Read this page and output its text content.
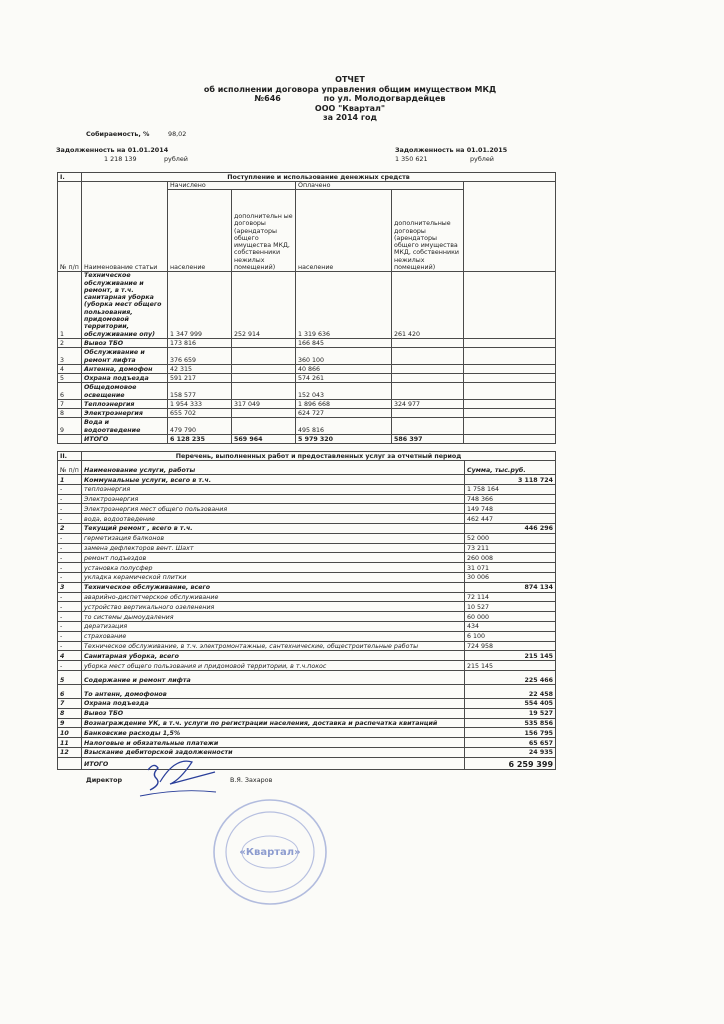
ОТЧЕТ
об исполнении договора управления общим имуществом МКД
№646	по ул. Молодогвардейцев
ООО "Квартал"
за 2014 год
Собираемость, %	98,02
Задолженность на 01.01.2014
1 218 139	рублей
Задолженность на 01.01.2015
1 350 621	рублей
I.	Поступление и использование денежных средств					
№ п/п	Наименование статьи	Начислено		Оплачено		
		население	дополнительн ые договоры (арендаторы общего имущества МКД, собственники нежилых помещений)	население	дополнительные договоры (арендаторы общего имущества МКД, собственники нежилых помещений)	
1	Техническое обслуживание и ремонт, в т.ч. санитарная уборка (уборка мест общего пользования, придомовой территории, обслуживание опу)	1 347 999	252 914	1 319 636	261 420	
2	Вывоз ТБО	173 816		166 845		
3	Обслуживание и ремонт лифта	376 659		360 100		
4	Антенна, домофон	42 315		40 866		
5	Охрана подъезда	591 217		574 261		
6	Общедомовое освещение	158 577		152 043		
7	Теплоэнергия	1 954 333	317 049	1 896 668	324 977	
8	Электроэнергия	655 702		624 727		
9	Вода и водоотведение	479 790		495 816		
	ИТОГО	6 128 235	569 964	5 979 320	586 397	
II.	Перечень, выполненных работ и предоставленных услуг за отчетный период	
№ п/п	Наименование услуги, работы	Сумма, тыс.руб.
1	Коммунальные услуги, всего в т.ч.	3 118 724
-	теплоэнергия	1 758 164
-	Электроэнергия	748 366
-	Электроэнергия мест общего пользования	149 748
-	вода, водоотведение	462 447
2	Текущий ремонт , всего в т.ч.	446 296
-	герметизация балконов	52 000
-	замена дефлекторов вент. Шахт	73 211
-	ремонт подъездов	260 008
-	установка полусфер	31 071
-	укладка керамической плитки	30 006
3	Техническое обслуживание, всего	874 134
-	аварийно-диспетчерское обслуживание	72 114
-	устройство вертикального озеленения	10 527
-	то системы дымоудаления	60 000
-	дератизация	434
-	страхование	6 100
-	Техническое обслуживание, в т.ч. электромонтажные, сантехнические, общестроительные работы	724 958
4	Санитарная уборка, всего	215 145
-	уборка мест общего пользования и придомовой территории, в т.ч.покос	215 145
5	Содержание и ремонт лифта	225 466
6	То антенн, домофонов	22 458
7	Охрана подъезда	554 405
8	Вывоз ТБО	19 527
9	Вознаграждение УК, в т.ч. услуги по регистрации населения, доставка и распечатка квитанций	535 856
10	Банковские расходы 1,5%	156 795
11	Налоговые и обязательные платежи	65 657
12	Взыскание дебиторской задолженности	24 935
	ИТОГО	6 259 399
Директор	В.Я. Захаров
«Квартал»
